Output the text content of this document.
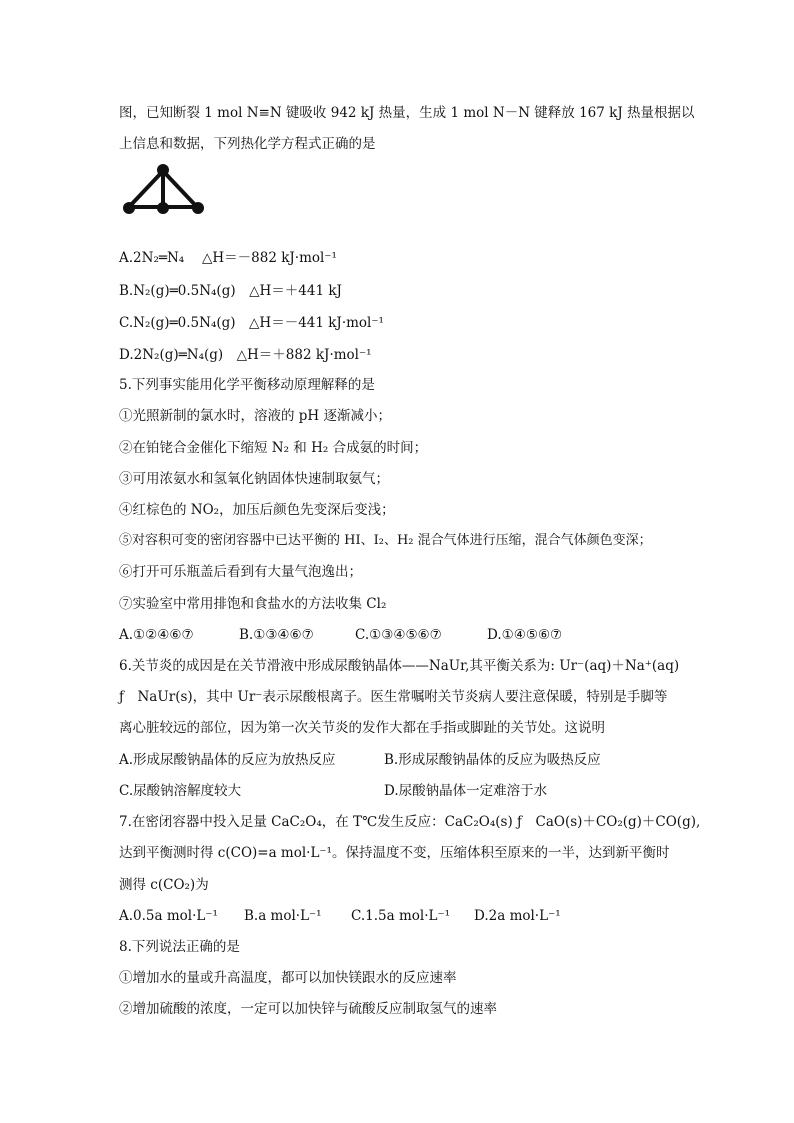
图，已知断裂 1 mol N≡N 键吸收 942 kJ 热量，生成 1 mol N－N 键释放 167 kJ 热量根据以
上信息和数据，下列热化学方程式正确的是
A.2N₂═N₄　 △H＝－882 kJ·mol⁻¹
B.N₂(g)═0.5N₄(g)　△H＝＋441 kJ
C.N₂(g)═0.5N₄(g)　△H＝－441 kJ·mol⁻¹
D.2N₂(g)═N₄(g)　△H＝＋882 kJ·mol⁻¹
5.下列事实能用化学平衡移动原理解释的是
①光照新制的氯水时，溶液的 pH 逐渐减小；
②在铂铑合金催化下缩短 N₂ 和 H₂ 合成氨的时间；
③可用浓氨水和氢氧化钠固体快速制取氨气；
④红棕色的 NO₂，加压后颜色先变深后变浅；
⑤对容积可变的密闭容器中已达平衡的 HI、I₂、H₂ 混合气体进行压缩，混合气体颜色变深；
⑥打开可乐瓶盖后看到有大量气泡逸出；
⑦实验室中常用排饱和食盐水的方法收集 Cl₂
A.①②④⑥⑦	B.①③④⑥⑦	C.①③④⑤⑥⑦	D.①④⑤⑥⑦
6.关节炎的成因是在关节滑液中形成尿酸钠晶体——NaUr,其平衡关系为: Ur⁻(aq)＋Na⁺(aq)
ƒ　NaUr(s)，其中 Ur⁻表示尿酸根离子。医生常嘱咐关节炎病人要注意保暖，特别是手脚等
离心脏较远的部位，因为第一次关节炎的发作大都在手指或脚趾的关节处。这说明
A.形成尿酸钠晶体的反应为放热反应	B.形成尿酸钠晶体的反应为吸热反应
C.尿酸钠溶解度较大	D.尿酸钠晶体一定难溶于水
7.在密闭容器中投入足量 CaC₂O₄，在 T℃发生反应：CaC₂O₄(s) ƒ　CaO(s)＋CO₂(g)＋CO(g),
达到平衡测时得 c(CO)=a mol·L⁻¹。保持温度不变，压缩体积至原来的一半，达到新平衡时
测得 c(CO₂)为
A.0.5a mol·L⁻¹ B.a mol·L⁻¹ C.1.5a mol·L⁻¹ D.2a mol·L⁻¹
8.下列说法正确的是
①增加水的量或升高温度，都可以加快镁跟水的反应速率
②增加硫酸的浓度，一定可以加快锌与硫酸反应制取氢气的速率
